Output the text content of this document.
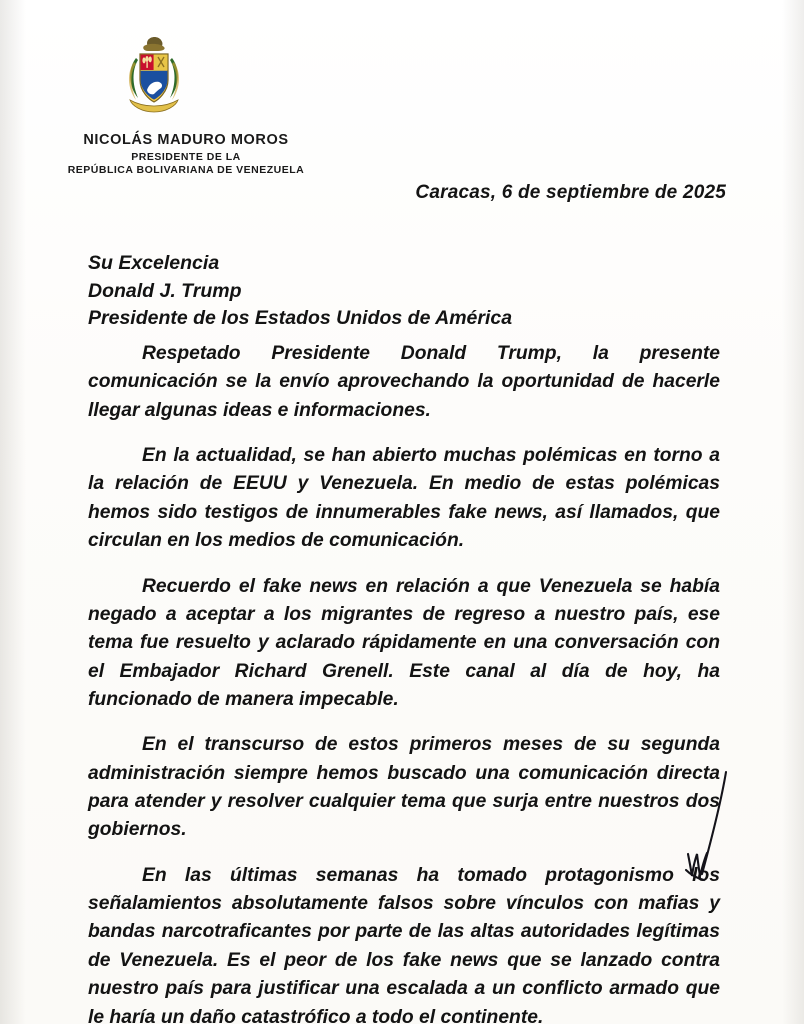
NICOLÁS MADURO MOROS
PRESIDENTE DE LA
REPÚBLICA BOLIVARIANA DE VENEZUELA
Caracas, 6 de septiembre de 2025
Su Excelencia
Donald J. Trump
Presidente de los Estados Unidos de América

Respetado Presidente Donald Trump, la presente comunicación se la envío aprovechando la oportunidad de hacerle llegar algunas ideas e informaciones.

En la actualidad, se han abierto muchas polémicas en torno a la relación de EEUU y Venezuela. En medio de estas polémicas hemos sido testigos de innumerables fake news, así llamados, que circulan en los medios de comunicación.

Recuerdo el fake news en relación a que Venezuela se había negado a aceptar a los migrantes de regreso a nuestro país, ese tema fue resuelto y aclarado rápidamente en una conversación con el Embajador Richard Grenell. Este canal al día de hoy, ha funcionado de manera impecable.

En el transcurso de estos primeros meses de su segunda administración siempre hemos buscado una comunicación directa para atender y resolver cualquier tema que surja entre nuestros dos gobiernos.

En las últimas semanas ha tomado protagonismo los señalamientos absolutamente falsos sobre vínculos con mafias y bandas narcotraficantes por parte de las altas autoridades legítimas de Venezuela. Es el peor de los fake news que se lanzado contra nuestro país para justificar una escalada a un conflicto armado que le haría un daño catastrófico a todo el continente.
